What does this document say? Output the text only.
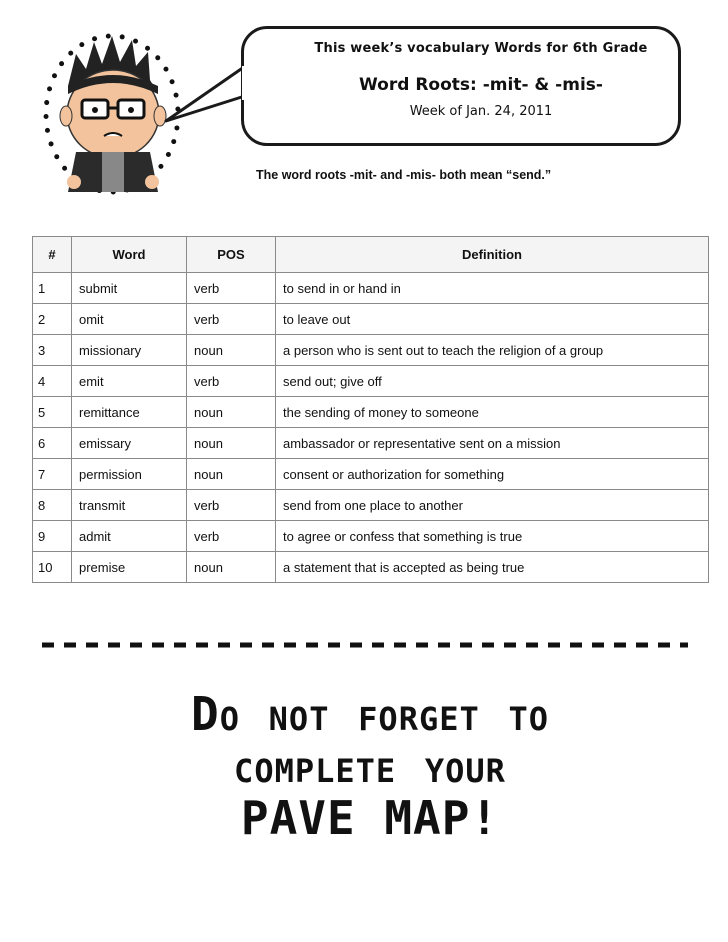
This week’s vocabulary Words for 6th Grade
Word Roots: -mit- & -mis-
Week of Jan. 24, 2011
The word roots -mit- and -mis- both mean “send.”
#	Word	POS	Definition
1	submit	verb	to send in or hand in
2	omit	verb	to leave out
3	missionary	noun	a person who is sent out to teach the religion of a group
4	emit	verb	send out; give off
5	remittance	noun	the sending of money to someone
6	emissary	noun	ambassador or representative sent on a mission
7	permission	noun	consent or authorization for something
8	transmit	verb	send from one place to another
9	admit	verb	to agree or confess that something is true
10	premise	noun	a statement that is accepted as being true
Do not forget to
complete your
PAVE MAP!
